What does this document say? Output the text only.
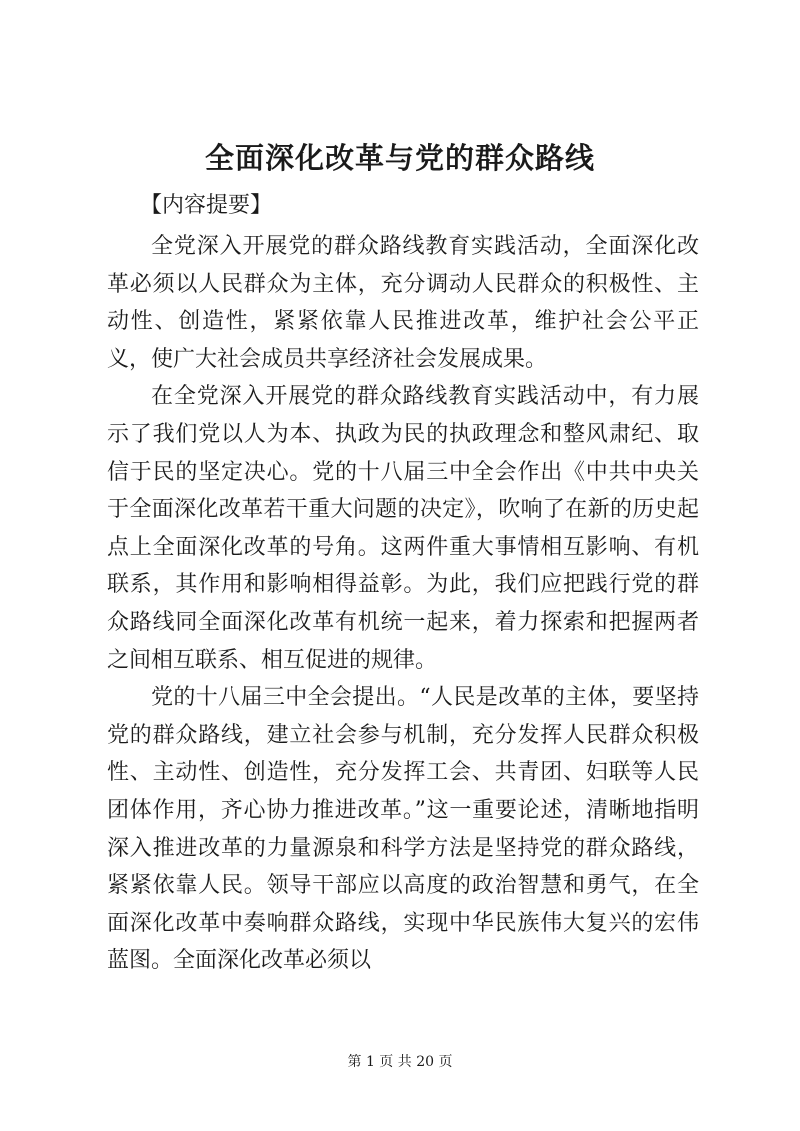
全面深化改革与党的群众路线
【内容提要】

全党深入开展党的群众路线教育实践活动，全面深化改革必须以人民群众为主体，充分调动人民群众的积极性、主动性、创造性，紧紧依靠人民推进改革，维护社会公平正义，使广大社会成员共享经济社会发展成果。

在全党深入开展党的群众路线教育实践活动中，有力展示了我们党以人为本、执政为民的执政理念和整风肃纪、取信于民的坚定决心。党的十八届三中全会作出《中共中央关于全面深化改革若干重大问题的决定》，吹响了在新的历史起点上全面深化改革的号角。这两件重大事情相互影响、有机联系，其作用和影响相得益彰。为此，我们应把践行党的群众路线同全面深化改革有机统一起来，着力探索和把握两者之间相互联系、相互促进的规律。

党的十八届三中全会提出。“人民是改革的主体，要坚持党的群众路线，建立社会参与机制，充分发挥人民群众积极性、主动性、创造性，充分发挥工会、共青团、妇联等人民团体作用，齐心协力推进改革。”这一重要论述，清晰地指明深入推进改革的力量源泉和科学方法是坚持党的群众路线，紧紧依靠人民。领导干部应以高度的政治智慧和勇气，在全面深化改革中奏响群众路线，实现中华民族伟大复兴的宏伟蓝图。全面深化改革必须以

第 1 页 共 20 页
